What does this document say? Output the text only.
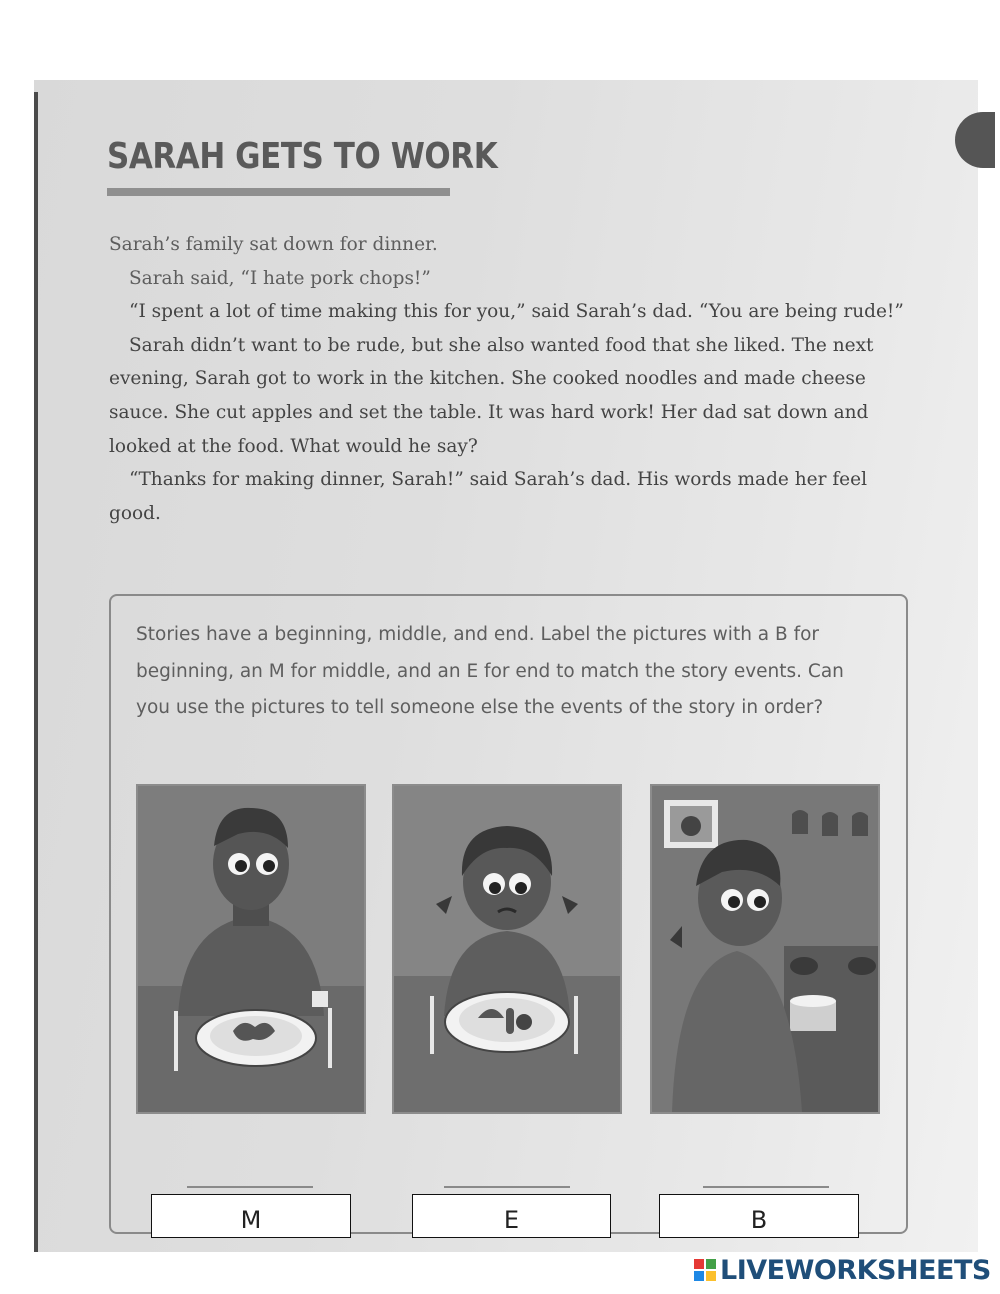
SARAH GETS TO WORK

Sarah’s family sat down for dinner.

Sarah said, “I hate pork chops!”

“I spent a lot of time making this for you,” said Sarah’s dad. “You are being rude!”

Sarah didn’t want to be rude, but she also wanted food that she liked. The next evening, Sarah got to work in the kitchen. She cooked noodles and made cheese sauce. She cut apples and set the table. It was hard work! Her dad sat down and looked at the food. What would he say?

“Thanks for making dinner, Sarah!” said Sarah’s dad. His words made her feel good.

Stories have a beginning, middle, and end. Label the pictures with a B for beginning, an M for middle, and an E for end to match the story events. Can you use the pictures to tell someone else the events of the story in order?
M	E	B
LIVEWORKSHEETS
